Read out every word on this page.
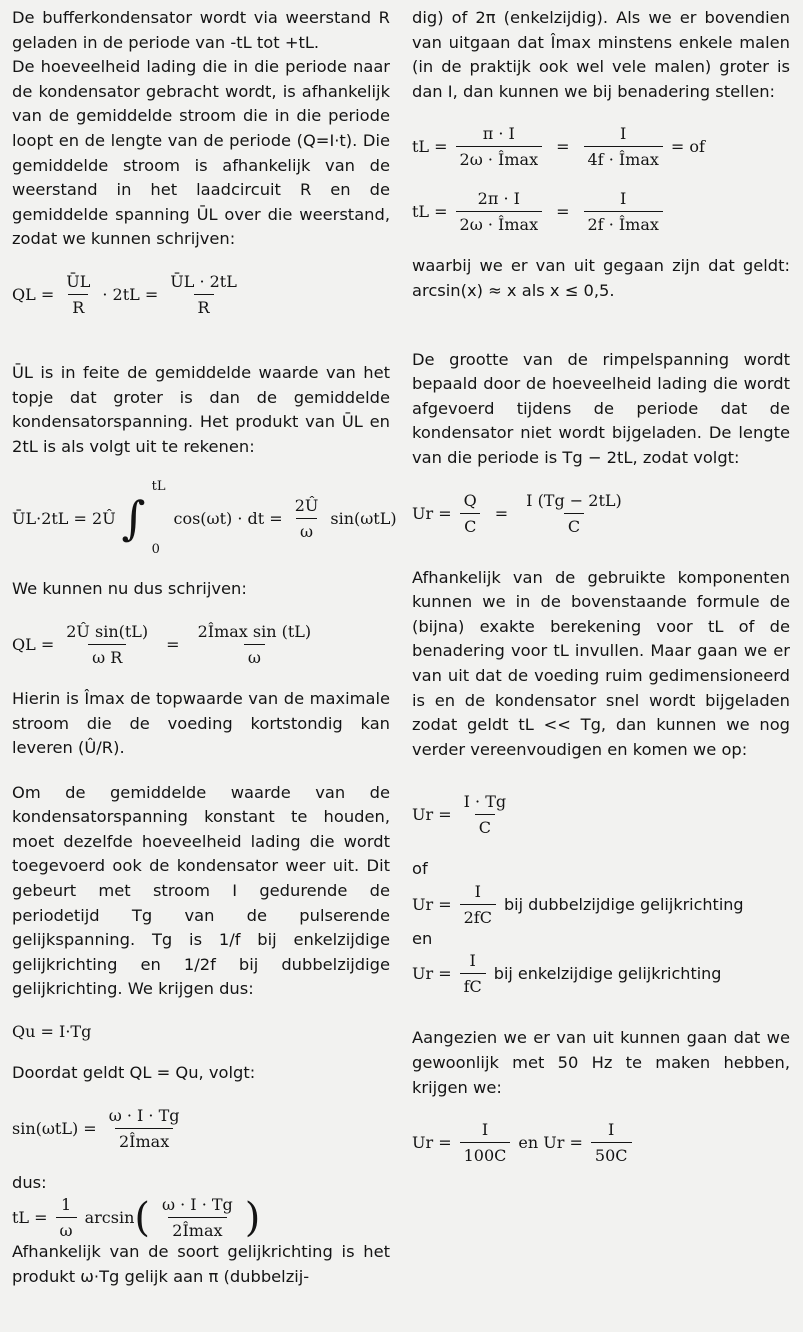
De bufferkondensator wordt via weerstand R geladen in de periode van -tL tot +tL.

De hoeveelheid lading die in die periode naar de kondensator gebracht wordt, is afhankelijk van de gemiddelde stroom die in die periode loopt en de lengte van de periode (Q=I·t). Die gemiddelde stroom is afhankelijk van de weerstand in het laadcircuit R en de gemiddelde spanning ŪL over die weerstand, zodat we kunnen schrijven:

QL = $\frac{ŪL}{R} \cdot 2tL = \frac{ŪL \cdot 2tL}{R}$

ŪL is in feite de gemiddelde waarde van het topje dat groter is dan de gemiddelde kondensatorspanning. Het produkt van ŪL en 2tL is als volgt uit te rekenen:

ŪL·2tL = 2Û ∫
tL
0
cos(ωt) · dt = $\frac{2Û}{\omega} \sin(\omega tL)$

We kunnen nu dus schrijven:

QL = $\frac{\text{2Û sin(tL)}}{\text{ω R}} = \frac{\text{2Îmax sin (tL)}}{\omega}$

Hierin is Îmax de topwaarde van de maximale stroom die de voeding kortstondig kan leveren (Û/R).

Om de gemiddelde waarde van de kondensatorspanning konstant te houden, moet dezelfde hoeveelheid lading die wordt toegevoerd ook de kondensator weer uit. Dit gebeurt met stroom I gedurende de periodetijd Tg van de pulserende gelijkspanning. Tg is 1/f bij enkelzijdige gelijkrichting en 1/2f bij dubbelzijdige gelijkrichting. We krijgen dus:

Qu = I·Tg

Doordat geldt QL = Qu, volgt:

$\sin(\omega tL) = \frac{\omega \cdot I \cdot Tg}{2Î\max}$

dus:

tL = $\frac{1}{\omega}$ arcsin ( $\frac{\omega \cdot I \cdot Tg}{2Î\max}$ )

Afhankelijk van de soort gelijkrichting is het produkt ω·Tg gelijk aan π (dubbelzij-

dig) of 2π (enkelzijdig). Als we er bovendien van uitgaan dat Îmax minstens enkele malen (in de praktijk ook wel vele malen) groter is dan I, dan kunnen we bij benadering stellen:

tL = $\frac{\pi \cdot I}{2\omega \cdot Î\max} = \frac{I}{4f \cdot Î\max}$ = of
tL = $\frac{2\pi \cdot I}{2\omega \cdot Î\max} = \frac{I}{2f \cdot Î\max}$

waarbij we er van uit gegaan zijn dat geldt: arcsin(x) ≈ x als x ≤ 0,5.

De grootte van de rimpelspanning wordt bepaald door de hoeveelheid lading die wordt afgevoerd tijdens de periode dat de kondensator niet wordt bijgeladen. De lengte van die periode is Tg − 2tL, zodat volgt:

$Ur = \frac{Q}{C} = \frac{I (Tg - 2tL)}{C}$

Afhankelijk van de gebruikte komponenten kunnen we in de bovenstaande formule de (bijna) exakte berekening voor tL of de benadering voor tL invullen. Maar gaan we er van uit dat de voeding ruim gedimensioneerd is en de kondensator snel wordt bijgeladen zodat geldt tL << Tg, dan kunnen we nog verder vereenvoudigen en komen we op:

$Ur = \frac{I \cdot Tg}{C}$

of

$Ur = \frac{I}{2fC}$ bij dubbelzijdige gelijkrichting

en

$Ur = \frac{I}{fC}$ bij enkelzijdige gelijkrichting

Aangezien we er van uit kunnen gaan dat we gewoonlijk met 50 Hz te maken hebben, krijgen we:

$Ur = \frac{I}{100C}$ en $Ur = \frac{I}{50C}$
